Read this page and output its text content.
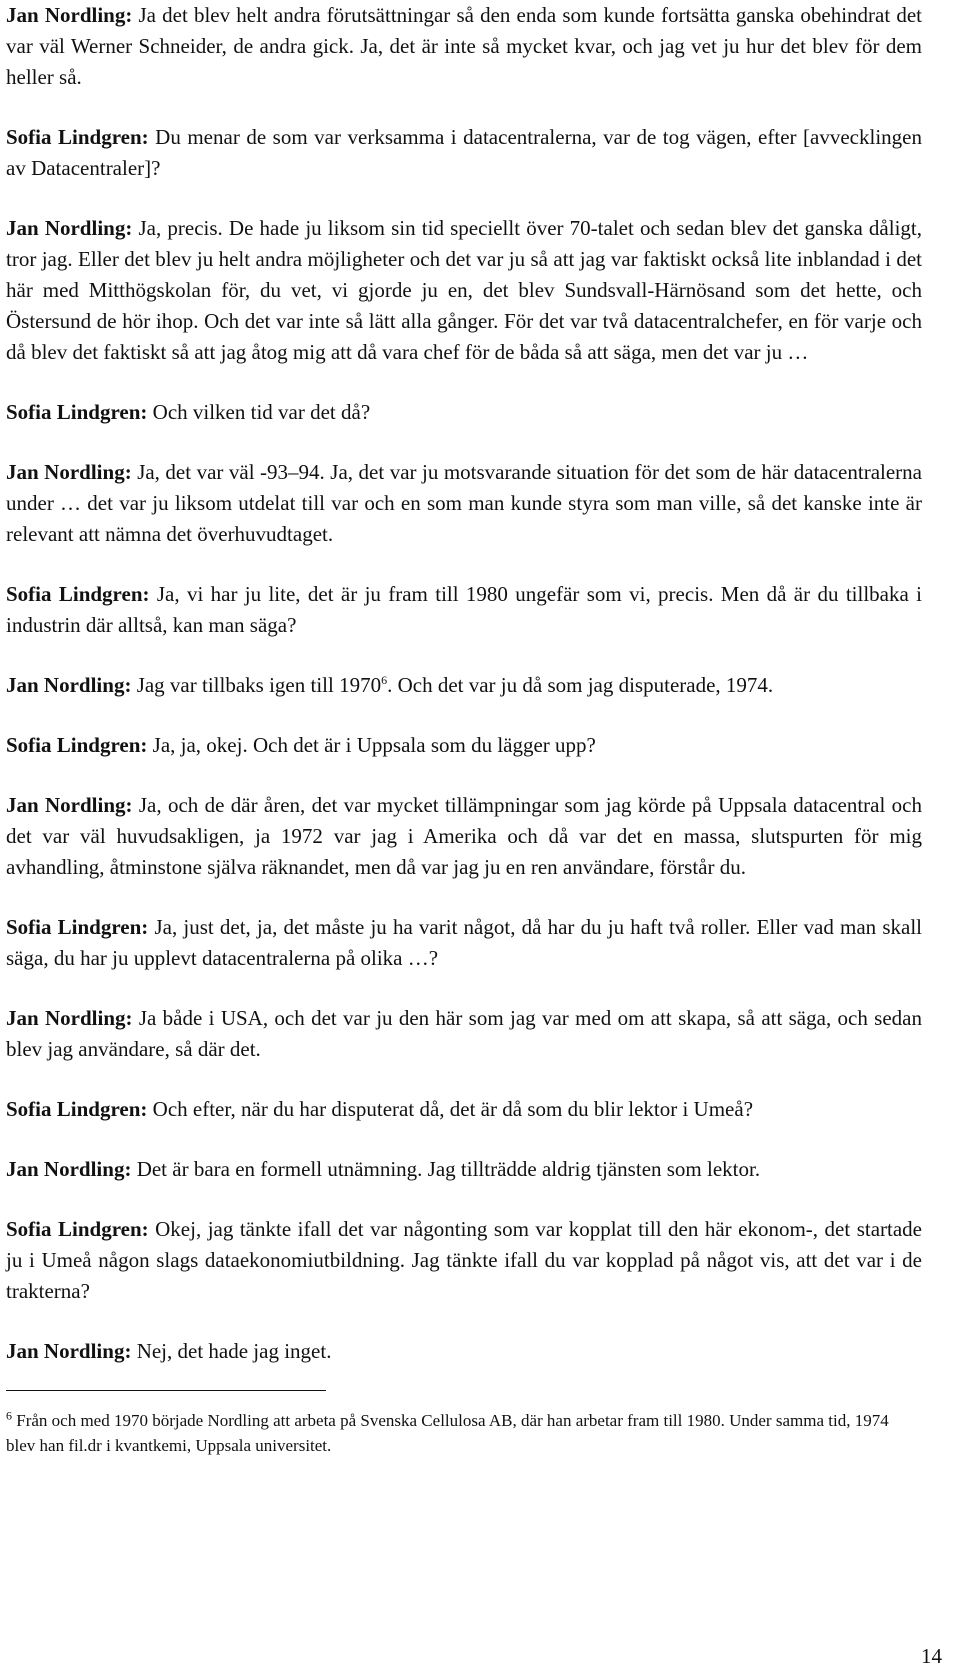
Jan Nordling: Ja det blev helt andra förutsättningar så den enda som kunde fortsätta ganska obehindrat det var väl Werner Schneider, de andra gick. Ja, det är inte så mycket kvar, och jag vet ju hur det blev för dem heller så.

Sofia Lindgren: Du menar de som var verksamma i datacentralerna, var de tog vägen, efter [avvecklingen av Datacentraler]?

Jan Nordling: Ja, precis. De hade ju liksom sin tid speciellt över 70-talet och sedan blev det ganska dåligt, tror jag. Eller det blev ju helt andra möjligheter och det var ju så att jag var faktiskt också lite inblandad i det här med Mitthögskolan för, du vet, vi gjorde ju en, det blev Sundsvall-Härnösand som det hette, och Östersund de hör ihop. Och det var inte så lätt alla gånger. För det var två datacentralchefer, en för varje och då blev det faktiskt så att jag åtog mig att då vara chef för de båda så att säga, men det var ju …

Sofia Lindgren: Och vilken tid var det då?

Jan Nordling: Ja, det var väl -93–94. Ja, det var ju motsvarande situation för det som de här datacentralerna under … det var ju liksom utdelat till var och en som man kunde styra som man ville, så det kanske inte är relevant att nämna det överhuvudtaget.

Sofia Lindgren: Ja, vi har ju lite, det är ju fram till 1980 ungefär som vi, precis. Men då är du tillbaka i industrin där alltså, kan man säga?

Jan Nordling: Jag var tillbaks igen till 1970$^6$. Och det var ju då som jag disputerade, 1974.

Sofia Lindgren: Ja, ja, okej. Och det är i Uppsala som du lägger upp?

Jan Nordling: Ja, och de där åren, det var mycket tillämpningar som jag körde på Uppsala datacentral och det var väl huvudsakligen, ja 1972 var jag i Amerika och då var det en massa, slutspurten för mig avhandling, åtminstone själva räknandet, men då var jag ju en ren användare, förstår du.

Sofia Lindgren: Ja, just det, ja, det måste ju ha varit något, då har du ju haft två roller. Eller vad man skall säga, du har ju upplevt datacentralerna på olika …?

Jan Nordling: Ja både i USA, och det var ju den här som jag var med om att skapa, så att säga, och sedan blev jag användare, så där det.

Sofia Lindgren: Och efter, när du har disputerat då, det är då som du blir lektor i Umeå?

Jan Nordling: Det är bara en formell utnämning. Jag tillträdde aldrig tjänsten som lektor.

Sofia Lindgren: Okej, jag tänkte ifall det var någonting som var kopplat till den här ekonom-, det startade ju i Umeå någon slags dataekonomiutbildning. Jag tänkte ifall du var kopplad på något vis, att det var i de trakterna?

Jan Nordling: Nej, det hade jag inget.

$^6$ Från och med 1970 började Nordling att arbeta på Svenska Cellulosa AB, där han arbetar fram till 1980. Under samma tid, 1974 blev han fil.dr i kvantkemi, Uppsala universitet.

14
